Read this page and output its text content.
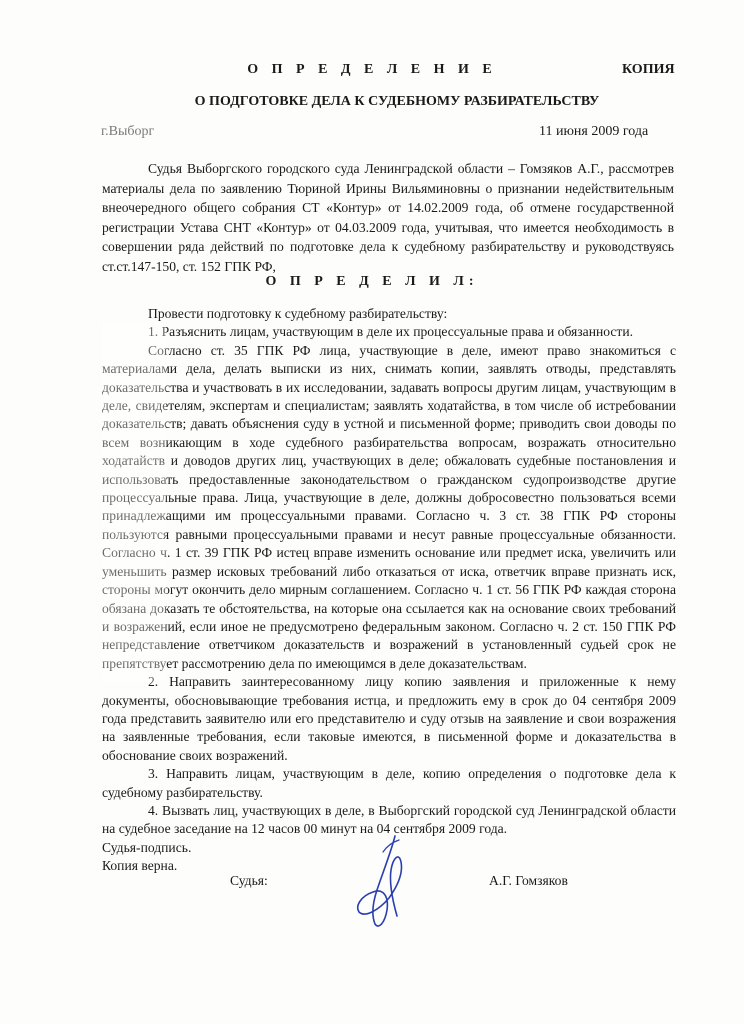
О П Р Е Д Е Л Е Н И Е	КОПИЯ
О ПОДГОТОВКЕ ДЕЛА К СУДЕБНОМУ РАЗБИРАТЕЛЬСТВУ
г.Выборг	11 июня 2009 года

Судья Выборгского городского суда Ленинградской области – Гомзяков А.Г., рассмотрев материалы дела по заявлению Тюриной Ирины Вильяминовны о признании недействительным внеочередного общего собрания СТ «Контур» от 14.02.2009 года, об отмене государственной регистрации Устава СНТ «Контур» от 04.03.2009 года, учитывая, что имеется необходимость в совершении ряда действий по подготовке дела к судебному разбирательству и руководствуясь ст.ст.147-150, ст. 152 ГПК РФ,

О П Р Е Д Е Л И Л:

Провести подготовку к судебному разбирательству:

1. Разъяснить лицам, участвующим в деле их процессуальные права и обязанности.

Согласно ст. 35 ГПК РФ лица, участвующие в деле, имеют право знакомиться с материалами дела, делать выписки из них, снимать копии, заявлять отводы, представлять доказательства и участвовать в их исследовании, задавать вопросы другим лицам, участвующим в деле, свидетелям, экспертам и специалистам; заявлять ходатайства, в том числе об истребовании доказательств; давать объяснения суду в устной и письменной форме; приводить свои доводы по всем возникающим в ходе судебного разбирательства вопросам, возражать относительно ходатайств и доводов других лиц, участвующих в деле; обжаловать судебные постановления и использовать предоставленные законодательством о гражданском судопроизводстве другие процессуальные права. Лица, участвующие в деле, должны добросовестно пользоваться всеми принадлежащими им процессуальными правами. Согласно ч. 3 ст. 38 ГПК РФ стороны пользуются равными процессуальными правами и несут равные процессуальные обязанности. Согласно ч. 1 ст. 39 ГПК РФ истец вправе изменить основание или предмет иска, увеличить или уменьшить размер исковых требований либо отказаться от иска, ответчик вправе признать иск, стороны могут окончить дело мирным соглашением. Согласно ч. 1 ст. 56 ГПК РФ каждая сторона обязана доказать те обстоятельства, на которые она ссылается как на основание своих требований и возражений, если иное не предусмотрено федеральным законом. Согласно ч. 2 ст. 150 ГПК РФ непредставление ответчиком доказательств и возражений в установленный судьей срок не препятствует рассмотрению дела по имеющимся в деле доказательствам.

2. Направить заинтересованному лицу копию заявления и приложенные к нему документы, обосновывающие требования истца, и предложить ему в срок до 04 сентября 2009 года представить заявителю или его представителю и суду отзыв на заявление и свои возражения на заявленные требования, если таковые имеются, в письменной форме и доказательства в обоснование своих возражений.

3. Направить лицам, участвующим в деле, копию определения о подготовке дела к судебному разбирательству.

4. Вызвать лиц, участвующих в деле, в Выборгский городской суд Ленинградской области на судебное заседание на 12 часов 00 минут на 04 сентября 2009 года.

Судья-подпись.

Копия верна.

Судья:	А.Г. Гомзяков
